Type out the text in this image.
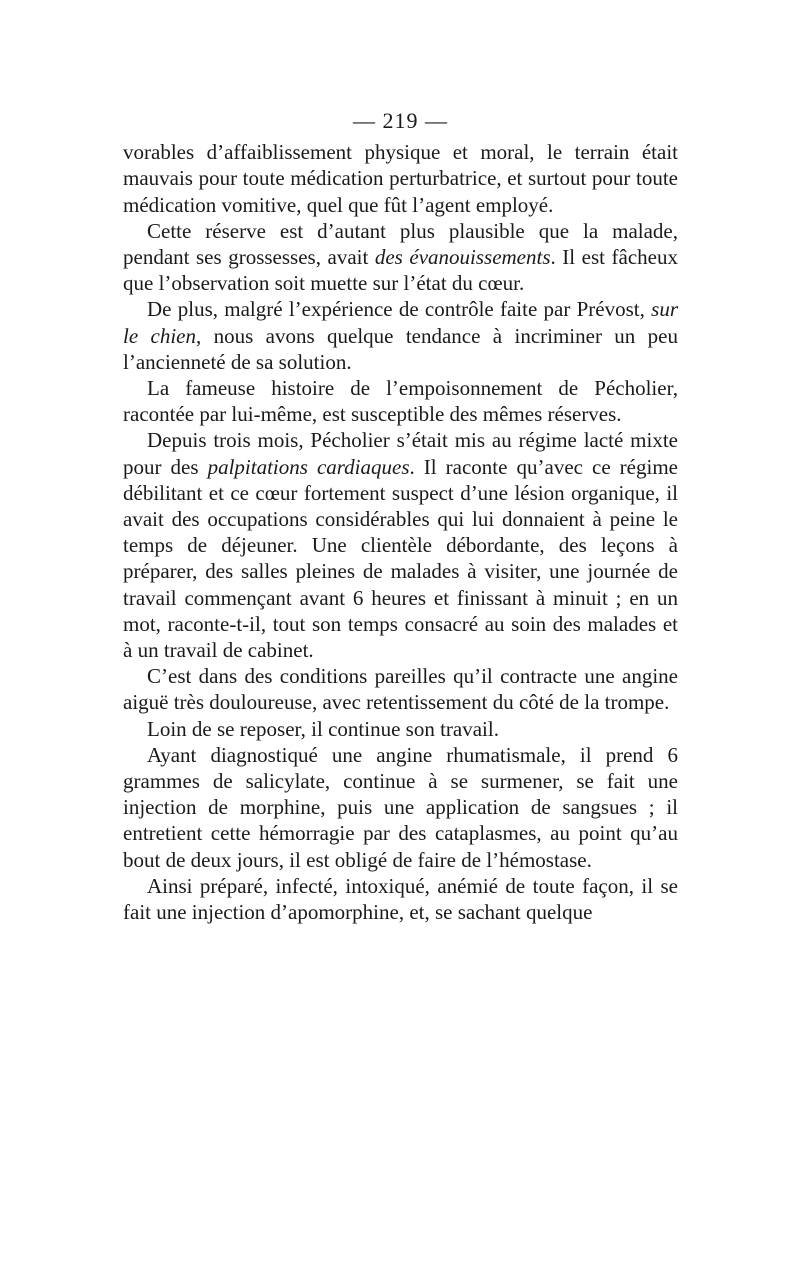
— 219 —

vorables d’affaiblissement physique et moral, le terrain était mauvais pour toute médication perturbatrice, et surtout pour toute médication vomitive, quel que fût l’agent employé.

Cette réserve est d’autant plus plausible que la malade, pendant ses grossesses, avait des évanouissements. Il est fâcheux que l’observation soit muette sur l’état du cœur.

De plus, malgré l’expérience de contrôle faite par Prévost, sur le chien, nous avons quelque tendance à incriminer un peu l’ancienneté de sa solution.

La fameuse histoire de l’empoisonnement de Pécholier, racontée par lui-même, est susceptible des mêmes réserves.

Depuis trois mois, Pécholier s’était mis au régime lacté mixte pour des palpitations cardiaques. Il raconte qu’avec ce régime débilitant et ce cœur fortement suspect d’une lésion organique, il avait des occupations considérables qui lui donnaient à peine le temps de déjeuner. Une clientèle débordante, des leçons à préparer, des salles pleines de malades à visiter, une journée de travail commençant avant 6 heures et finissant à minuit ; en un mot, raconte-t-il, tout son temps consacré au soin des malades et à un travail de cabinet.

C’est dans des conditions pareilles qu’il contracte une angine aiguë très douloureuse, avec retentissement du côté de la trompe.

Loin de se reposer, il continue son travail.

Ayant diagnostiqué une angine rhumatismale, il prend 6 grammes de salicylate, continue à se surmener, se fait une injection de morphine, puis une application de sangsues ; il entretient cette hémorragie par des cataplasmes, au point qu’au bout de deux jours, il est obligé de faire de l’hémostase.

Ainsi préparé, infecté, intoxiqué, anémié de toute façon, il se fait une injection d’apomorphine, et, se sachant quelque
